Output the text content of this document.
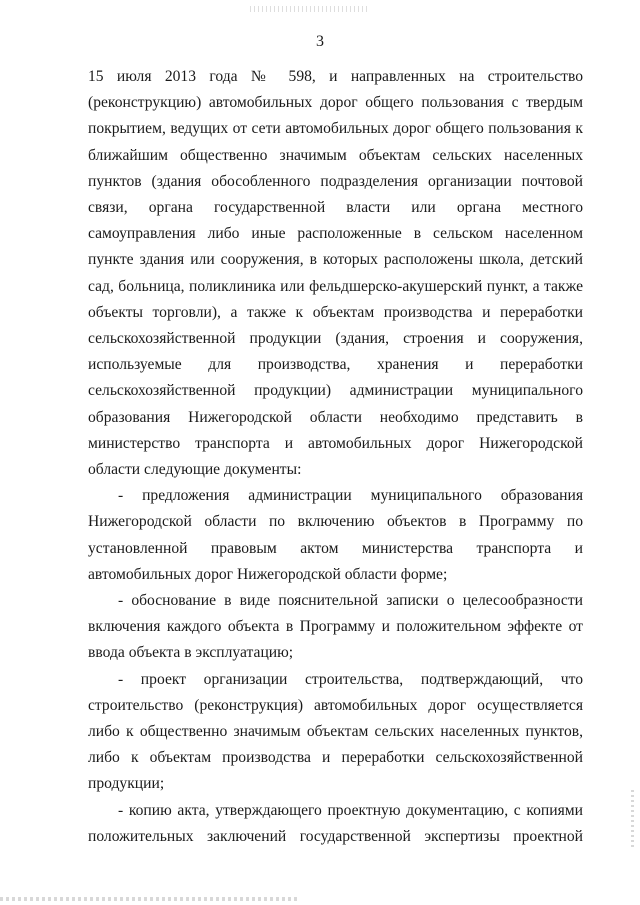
3

15 июля 2013 года № 598, и направленных на строительство (реконструкцию) автомобильных дорог общего пользования с твердым покрытием, ведущих от сети автомобильных дорог общего пользования к ближайшим общественно значимым объектам сельских населенных пунктов (здания обособленного подразделения организации почтовой связи, органа государственной власти или органа местного самоуправления либо иные расположенные в сельском населенном пункте здания или сооружения, в которых расположены школа, детский сад, больница, поликлиника или фельдшерско-акушерский пункт, а также объекты торговли), а также к объектам производства и переработки сельскохозяйственной продукции (здания, строения и сооружения, используемые для производства, хранения и переработки сельскохозяйственной продукции) администрации муниципального образования Нижегородской области необходимо представить в министерство транспорта и автомобильных дорог Нижегородской области следующие документы:

- предложения администрации муниципального образования Нижегородской области по включению объектов в Программу по установленной правовым актом министерства транспорта и автомобильных дорог Нижегородской области форме;

- обоснование в виде пояснительной записки о целесообразности включения каждого объекта в Программу и положительном эффекте от ввода объекта в эксплуатацию;

- проект организации строительства, подтверждающий, что строительство (реконструкция) автомобильных дорог осуществляется либо к общественно значимым объектам сельских населенных пунктов, либо к объектам производства и переработки сельскохозяйственной продукции;

- копию акта, утверждающего проектную документацию, с копиями положительных заключений государственной экспертизы проектной
